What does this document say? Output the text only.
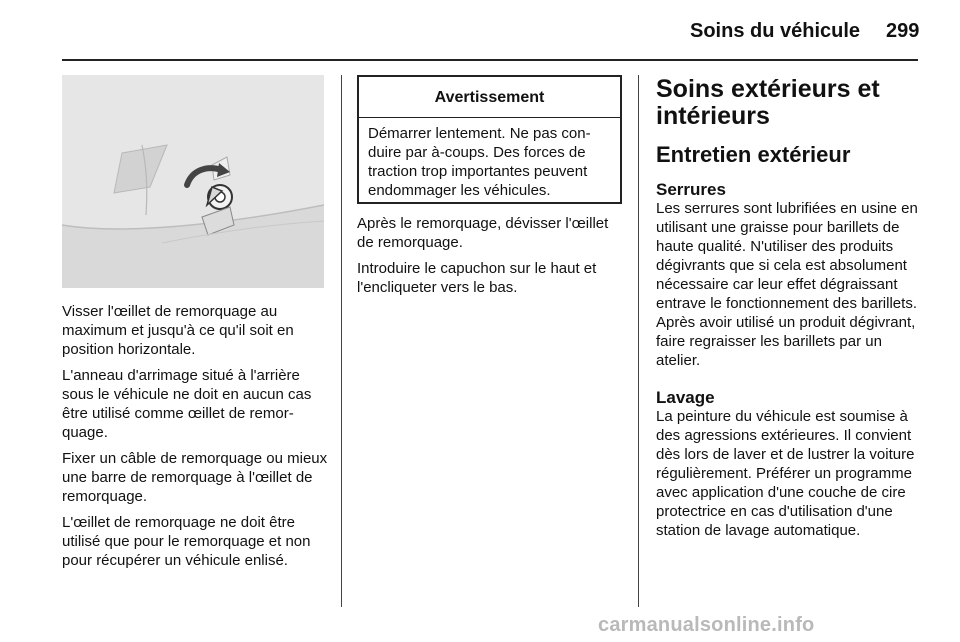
Soins du véhicule 299

Visser l'œillet de remorquage au maximum et jusqu'à ce qu'il soit en position horizontale.

L'anneau d'arrimage situé à l'arrière sous le véhicule ne doit en aucun cas être utilisé comme œillet de remorquage.

Fixer un câble de remorquage ou mieux une barre de remorquage à l'œillet de remorquage.

L'œillet de remorquage ne doit être utilisé que pour le remorquage et non pour récupérer un véhicule enlisé.

Avertissement
Démarrer lentement. Ne pas conduire par à-coups. Des forces de traction trop importantes peuvent endommager les véhicules.

Après le remorquage, dévisser l'œillet de remorquage.

Introduire le capuchon sur le haut et l'encliqueter vers le bas.

Soins extérieurs et intérieurs
Entretien extérieur
Serrures

Les serrures sont lubrifiées en usine en utilisant une graisse pour barillets de haute qualité. N'utiliser des produits dégivrants que si cela est absolument nécessaire car leur effet dégraissant entrave le fonctionnement des barillets. Après avoir utilisé un produit dégivrant, faire regraisser les barillets par un atelier.

Lavage

La peinture du véhicule est soumise à des agressions extérieures. Il convient dès lors de laver et de lustrer la voiture régulièrement. Préférer un programme avec application d'une couche de cire protectrice en cas d'utilisation d'une station de lavage automatique.

carmanualsonline.info
